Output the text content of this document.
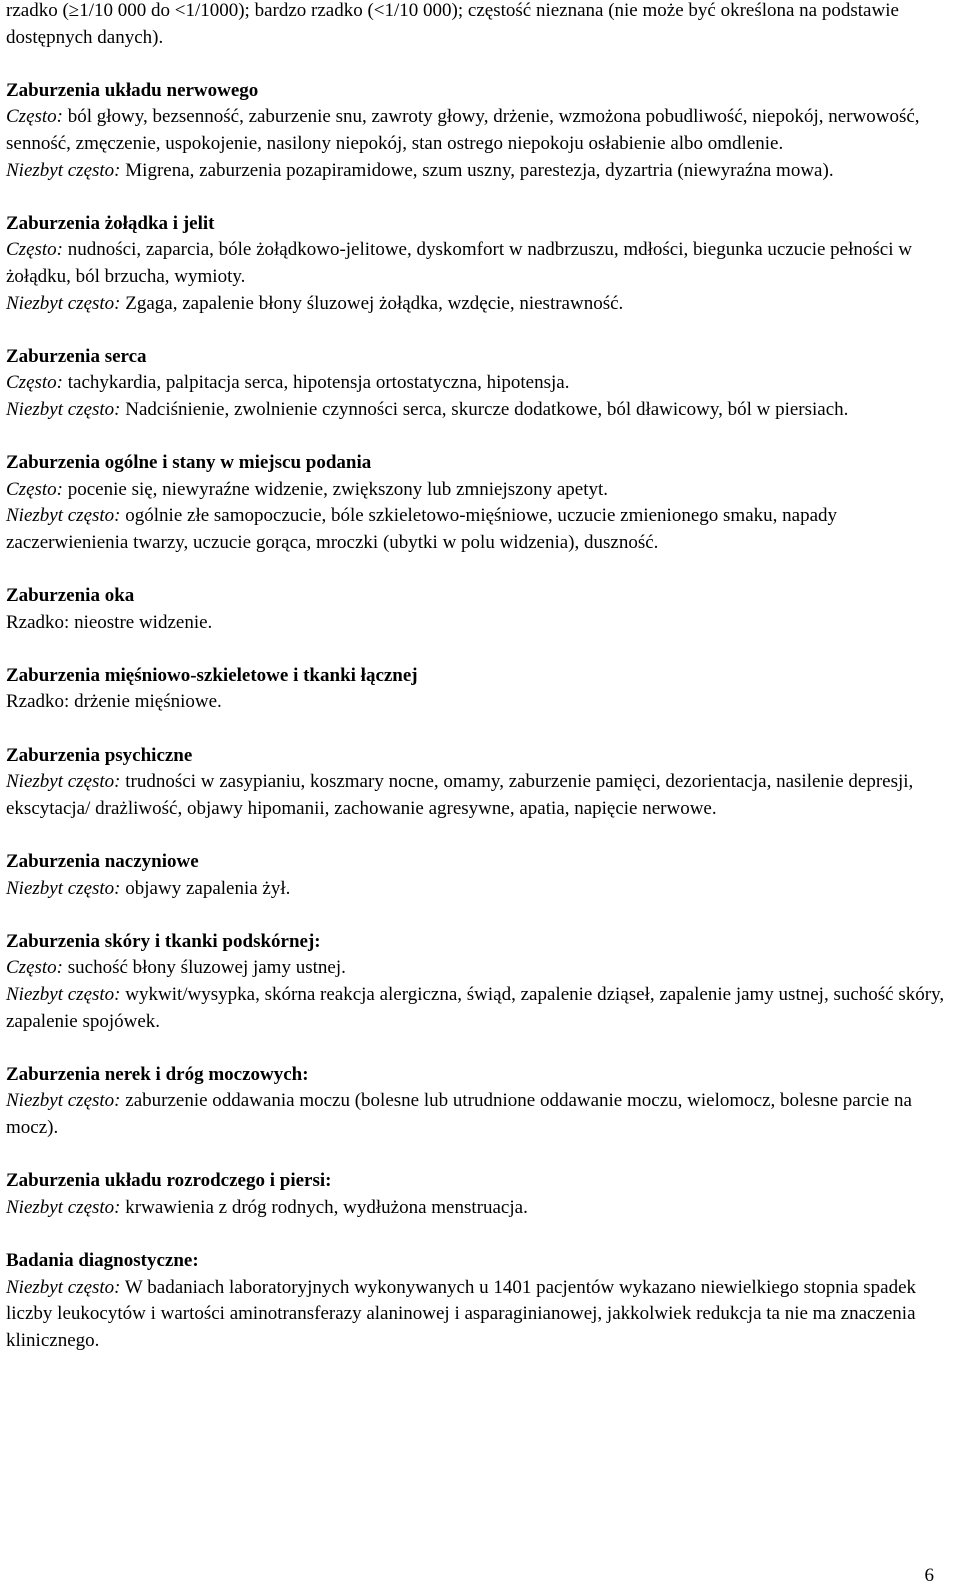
rzadko (≥1/10 000 do <1/1000); bardzo rzadko (<1/10 000); częstość nieznana (nie może być określona na podstawie dostępnych danych).

Zaburzenia układu nerwowego

Często: ból głowy, bezsenność, zaburzenie snu, zawroty głowy, drżenie, wzmożona pobudliwość, niepokój, nerwowość, senność, zmęczenie, uspokojenie, nasilony niepokój, stan ostrego niepokoju osłabienie albo omdlenie.

Niezbyt często: Migrena, zaburzenia pozapiramidowe, szum uszny, parestezja, dyzartria (niewyraźna mowa).

Zaburzenia żołądka i jelit

Często: nudności, zaparcia, bóle żołądkowo-jelitowe, dyskomfort w nadbrzuszu, mdłości, biegunka uczucie pełności w żołądku, ból brzucha, wymioty.

Niezbyt często: Zgaga, zapalenie błony śluzowej żołądka, wzdęcie, niestrawność.

Zaburzenia serca

Często: tachykardia, palpitacja serca, hipotensja ortostatyczna, hipotensja.

Niezbyt często: Nadciśnienie, zwolnienie czynności serca, skurcze dodatkowe, ból dławicowy, ból w piersiach.

Zaburzenia ogólne i stany w miejscu podania

Często: pocenie się, niewyraźne widzenie, zwiększony lub zmniejszony apetyt.

Niezbyt często: ogólnie złe samopoczucie, bóle szkieletowo-mięśniowe, uczucie zmienionego smaku, napady zaczerwienienia twarzy, uczucie gorąca, mroczki (ubytki w polu widzenia), duszność.

Zaburzenia oka

Rzadko: nieostre widzenie.

Zaburzenia mięśniowo-szkieletowe i tkanki łącznej

Rzadko: drżenie mięśniowe.

Zaburzenia psychiczne

Niezbyt często: trudności w zasypianiu, koszmary nocne, omamy, zaburzenie pamięci, dezorientacja, nasilenie depresji, ekscytacja/ drażliwość, objawy hipomanii, zachowanie agresywne, apatia, napięcie nerwowe.

Zaburzenia naczyniowe

Niezbyt często: objawy zapalenia żył.

Zaburzenia skóry i tkanki podskórnej:

Często: suchość błony śluzowej jamy ustnej.

Niezbyt często: wykwit/wysypka, skórna reakcja alergiczna, świąd, zapalenie dziąseł, zapalenie jamy ustnej, suchość skóry, zapalenie spojówek.

Zaburzenia nerek i dróg moczowych:

Niezbyt często: zaburzenie oddawania moczu (bolesne lub utrudnione oddawanie moczu, wielomocz, bolesne parcie na mocz).

Zaburzenia układu rozrodczego i piersi:

Niezbyt często: krwawienia z dróg rodnych, wydłużona menstruacja.

Badania diagnostyczne:

Niezbyt często: W badaniach laboratoryjnych wykonywanych u 1401 pacjentów wykazano niewielkiego stopnia spadek liczby leukocytów i wartości aminotransferazy alaninowej i asparaginianowej, jakkolwiek redukcja ta nie ma znaczenia klinicznego.

6
